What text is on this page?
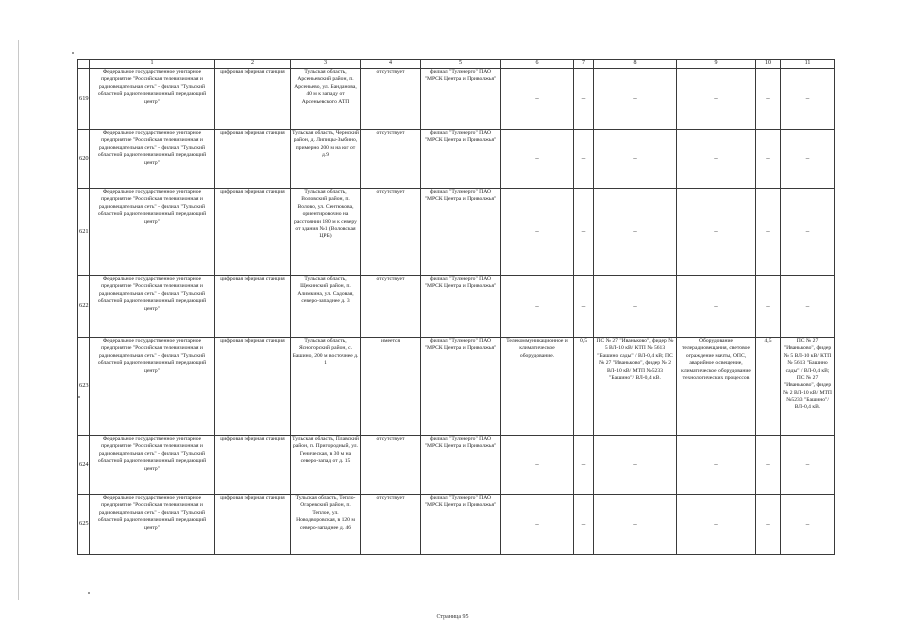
	1	2	3	4	5	6	7	8	9	10	11
619	Федеральное государственное унитарное предприятие "Российская телевизионная и радиовещательная сеть" - филиал "Тульский областной радиотелевизионный передающий центр"	цифровая эфирная станция	Тульская область, Арсеньевский район, п. Арсеньево, ул. Банданова, 40 м к западу от Арсеньевского АТП	отсутствует	филиал "Тулэнерго" ПАО "МРСК Центра и Приволжья"	–	–	–	–	–	–
620	Федеральное государственное унитарное предприятие "Российская телевизионная и радиовещательная сеть" - филиал "Тульский областной радиотелевизионный передающий центр"	цифровая эфирная станция	Тульская область, Чернский район, д. Липицы-Зыбино, примерно 200 м на юг от д.9	отсутствует	филиал "Тулэнерго" ПАО "МРСК Центра и Приволжья"	–	–	–	–	–	–
621	Федеральное государственное унитарное предприятие "Российская телевизионная и радиовещательная сеть" - филиал "Тульский областной радиотелевизионный передающий центр"	цифровая эфирная станция	Тульская область, Воловский район, п. Волово, ул. Сентюкова, ориентировочно на расстоянии 180 м к северу от здания №1 (Воловская ЦРБ)	отсутствует	филиал "Тулэнерго" ПАО "МРСК Центра и Приволжья"	–	–	–	–	–	–
622	Федеральное государственное унитарное предприятие "Российская телевизионная и радиовещательная сеть" - филиал "Тульский областной радиотелевизионный передающий центр"	цифровая эфирная станция	Тульская область, Щекинский район, п. Алимкина, ул. Садовая, северо-западнее д. 3	отсутствует	филиал "Тулэнерго" ПАО "МРСК Центра и Приволжья"	–	–	–	–	–	–
623	Федеральное государственное унитарное предприятие "Российская телевизионная и радиовещательная сеть" - филиал "Тульский областной радиотелевизионный передающий центр"	цифровая эфирная станция	Тульская область, Ясногорский район, с. Башино, 200 м восточнее д. 1	имеется	филиал "Тулэнерго" ПАО "МРСК Центра и Приволжья"	Телекоммуникационное и климатическое оборудование.	0,5	ПС № 27 "Иваньково", фидер № 5 ВЛ-10 кВ/ КТП № 5613 "Башино сады" / ВЛ-0,4 кВ; ПС № 27 "Иваньково", фидер № 2 ВЛ-10 кВ/ МТП №5233 "Башино"/ ВЛ-0,4 кВ.	Оборудование телерадиовещания, световое ограждение мачты, ОПС, аварийное освещение, климатическое оборудование технологических процессов	4,5	ПС № 27 "Иваньково", фидер № 5 ВЛ-10 кВ/ КТП № 5613 "Башино сады" / ВЛ-0,4 кВ; ПС № 27 "Иваньково", фидер № 2 ВЛ-10 кВ/ МТП №5233 "Башино"/ ВЛ-0,4 кВ.
624	Федеральное государственное унитарное предприятие "Российская телевизионная и радиовещательная сеть" - филиал "Тульский областной радиотелевизионный передающий центр"	цифровая эфирная станция	Тульская область, Плавский район, п. Пригородный, ул. Геническая, в 30 м на северо-запад от д. 15	отсутствует	филиал "Тулэнерго" ПАО "МРСК Центра и Приволжья"	–	–	–	–	–	–
625	Федеральное государственное унитарное предприятие "Российская телевизионная и радиовещательная сеть" - филиал "Тульский областной радиотелевизионный передающий центр"	цифровая эфирная станция	Тульская область, Тепло-Огаревский район, п. Теплое, ул. Новодворовская, в 120 м северо-западнее д. 46	отсутствует	филиал "Тулэнерго" ПАО "МРСК Центра и Приволжья"	–	–	–	–	–	–
Страница 95
